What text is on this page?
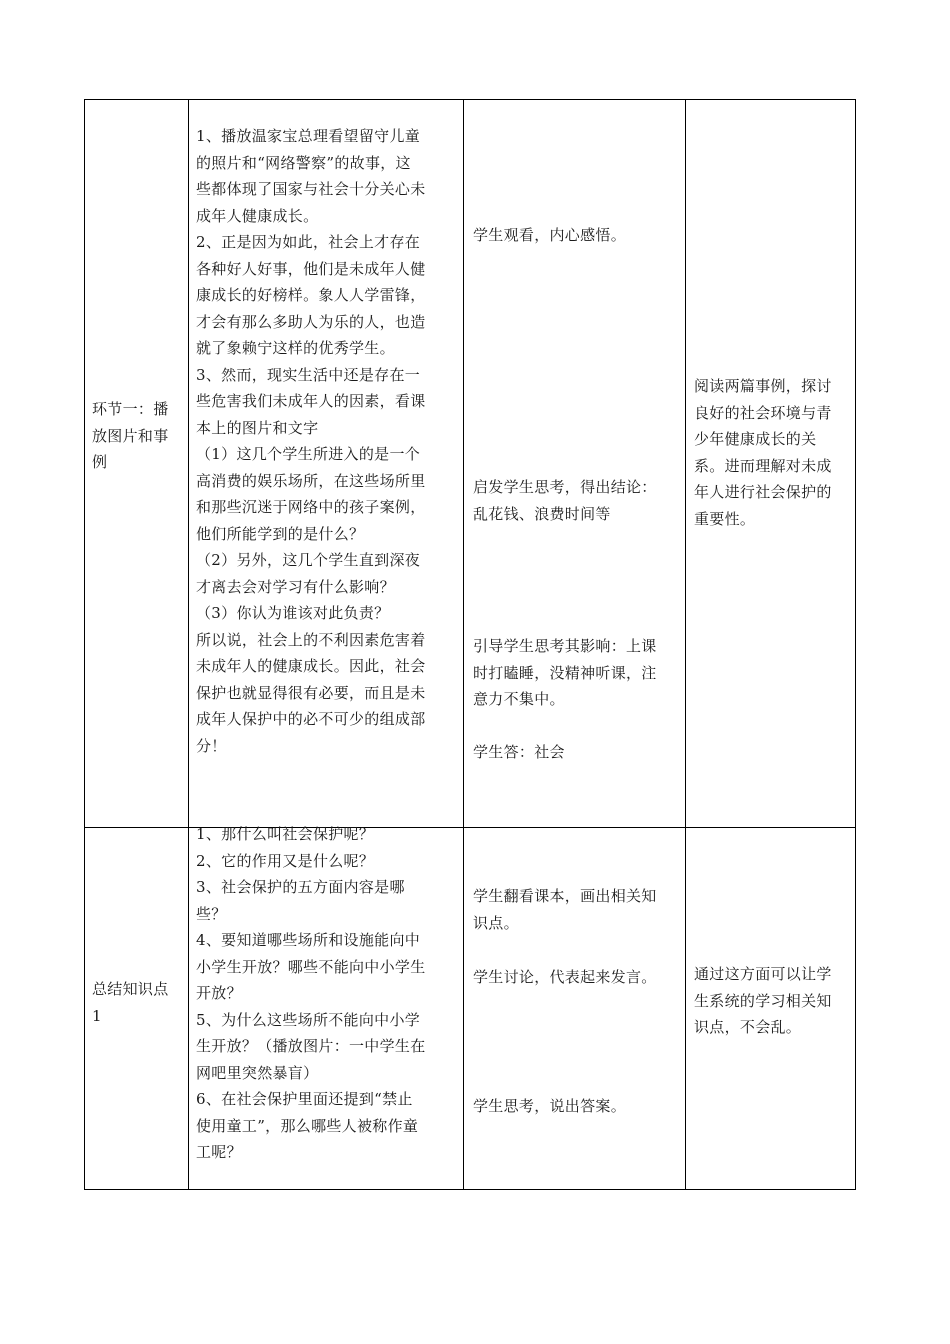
环节一：播
放图片和事
例
1、播放温家宝总理看望留守儿童
的照片和“网络警察”的故事，这
些都体现了国家与社会十分关心未
成年人健康成长。
2、正是因为如此，社会上才存在
各种好人好事，他们是未成年人健
康成长的好榜样。象人人学雷锋，
才会有那么多助人为乐的人，也造
就了象赖宁这样的优秀学生。
3、然而，现实生活中还是存在一
些危害我们未成年人的因素，看课
本上的图片和文字
（1）这几个学生所进入的是一个
高消费的娱乐场所，在这些场所里
和那些沉迷于网络中的孩子案例，
他们所能学到的是什么？
（2）另外，这几个学生直到深夜
才离去会对学习有什么影响？
（3）你认为谁该对此负责？
所以说，社会上的不利因素危害着
未成年人的健康成长。因此，社会
保护也就显得很有必要，而且是未
成年人保护中的必不可少的组成部
分！
学生观看，内心感悟。
启发学生思考，得出结论：
乱花钱、浪费时间等
引导学生思考其影响：上课
时打瞌睡，没精神听课，注
意力不集中。
学生答：社会
阅读两篇事例，探讨
良好的社会环境与青
少年健康成长的关
系。进而理解对未成
年人进行社会保护的
重要性。
总结知识点
1
1、那什么叫社会保护呢？
2、它的作用又是什么呢？
3、社会保护的五方面内容是哪
些？
4、要知道哪些场所和设施能向中
小学生开放？哪些不能向中小学生
开放？
5、为什么这些场所不能向中小学
生开放？（播放图片：一中学生在
网吧里突然暴盲）
6、在社会保护里面还提到“禁止
使用童工”，那么哪些人被称作童
工呢？
学生翻看课本，画出相关知
识点。
学生讨论，代表起来发言。
学生思考，说出答案。
通过这方面可以让学
生系统的学习相关知
识点，不会乱。
